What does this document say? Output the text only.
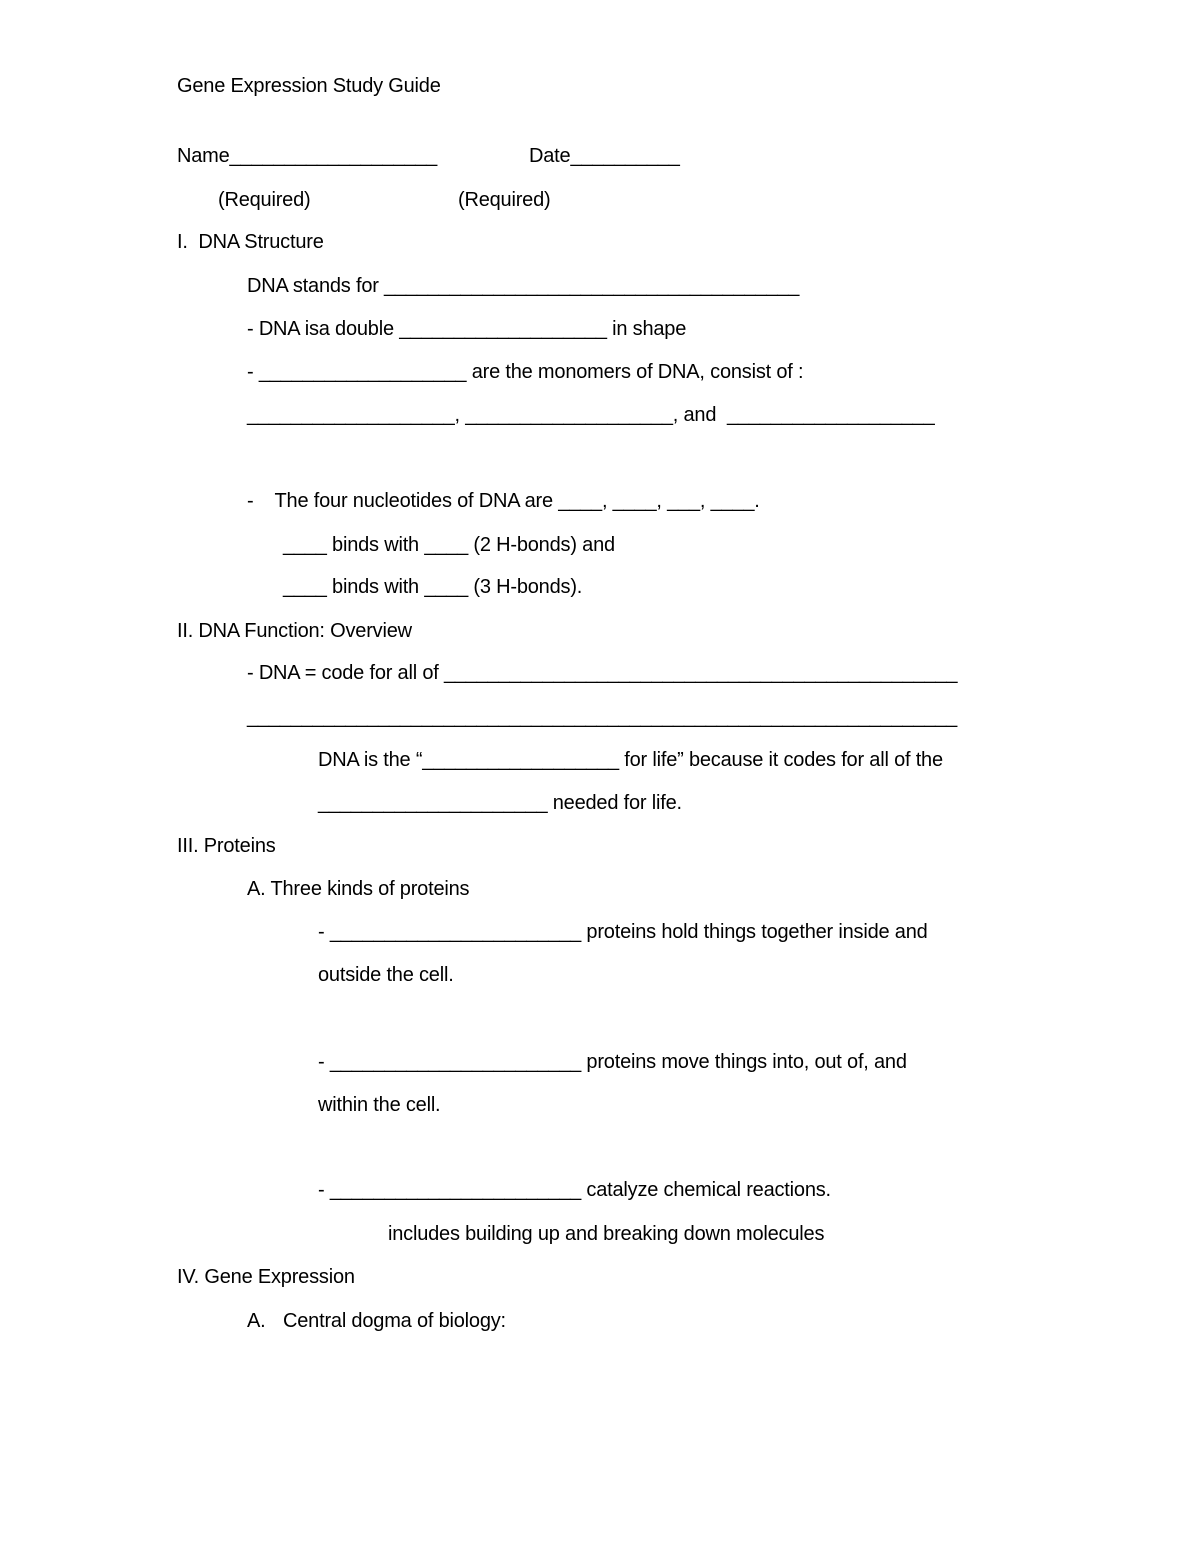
Gene Expression Study Guide
Name___________________	Date__________
(Required)	(Required)
I.  DNA Structure
DNA stands for ______________________________________
- DNA isa double ___________________ in shape
- ___________________ are the monomers of DNA, consist of :
___________________, ___________________, and  ___________________
-    The four nucleotides of DNA are ____, ____, ___, ____.
____ binds with ____ (2 H-bonds) and
____ binds with ____ (3 H-bonds).
II. DNA Function: Overview
- DNA = code for all of _______________________________________________
_________________________________________________________________
DNA is the “__________________ for life” because it codes for all of the
_____________________ needed for life.
III. Proteins
A. Three kinds of proteins
- _______________________ proteins hold things together inside and
outside the cell.
- _______________________ proteins move things into, out of, and
within the cell.
- _______________________ catalyze chemical reactions.
includes building up and breaking down molecules
IV. Gene Expression
A. Central dogma of biology:
